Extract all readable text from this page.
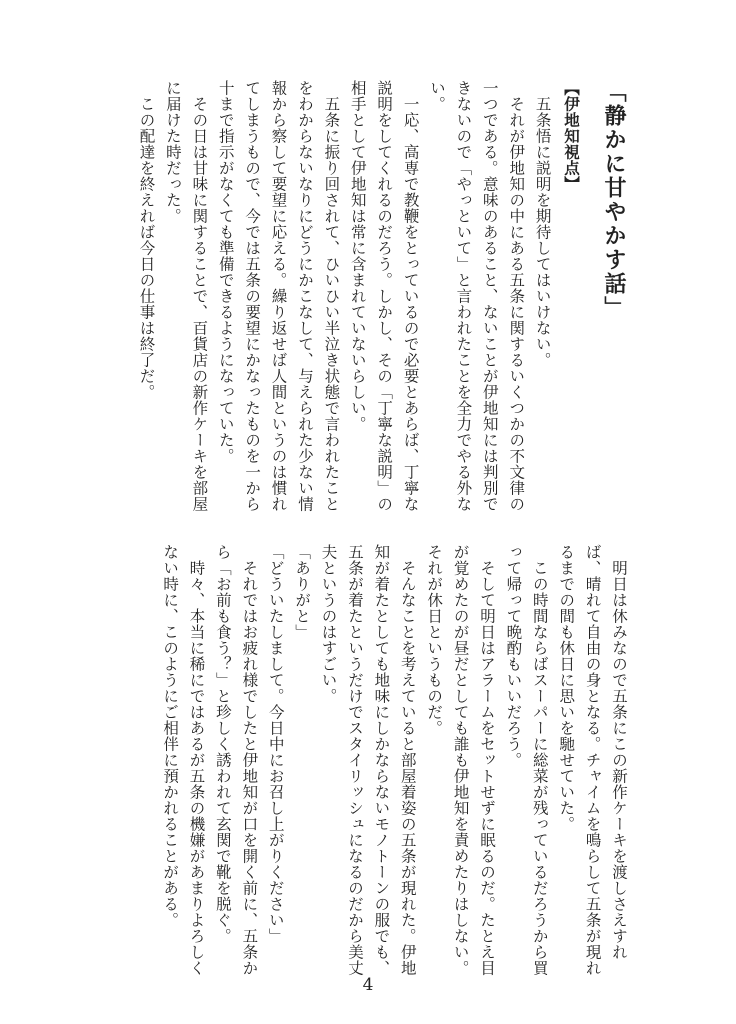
「静かに甘やかす話」
【伊地知視点】
　五条悟に説明を期待してはいけない。
　それが伊地知の中にある五条に関するいくつかの不文律の
一つである。意味のあること、ないことが伊地知には判別で
きないので「やっといて」と言われたことを全力でやる外な
い。
　一応、高専で教鞭をとっているので必要とあらば、丁寧な
説明をしてくれるのだろう。しかし、その「丁寧な説明」の
相手として伊地知は常に含まれていないらしい。
　五条に振り回されて、ひいひい半泣き状態で言われたこと
をわからないなりにどうにかこなして、与えられた少ない情
報から察して要望に応える。繰り返せば人間というのは慣れ
てしまうもので、今では五条の要望にかなったものを一から
十まで指示がなくても準備できるようになっていた。
　その日は甘味に関することで、百貨店の新作ケーキを部屋
に届けた時だった。
　この配達を終えれば今日の仕事は終了だ。
　明日は休みなので五条にこの新作ケーキを渡しさえすれ
ば、晴れて自由の身となる。チャイムを鳴らして五条が現れ
るまでの間も休日に思いを馳せていた。
　この時間ならばスーパーに総菜が残っているだろうから買
って帰って晩酌もいいだろう。
　そして明日はアラームをセットせずに眠るのだ。たとえ目
が覚めたのが昼だとしても誰も伊地知を責めたりはしない。
それが休日というものだ。
　そんなことを考えていると部屋着姿の五条が現れた。伊地
知が着たとしても地味にしかならないモノトーンの服でも、
五条が着たというだけでスタイリッシュになるのだから美丈
夫というのはすごい。
「ありがと」
「どういたしまして。今日中にお召し上がりください」
　それではお疲れ様でしたと伊地知が口を開く前に、五条か
ら「お前も食う？」と珍しく誘われて玄関で靴を脱ぐ。
　時々、本当に稀にではあるが五条の機嫌があまりよろしく
ない時に、このようにご相伴に預かれることがある。
4
